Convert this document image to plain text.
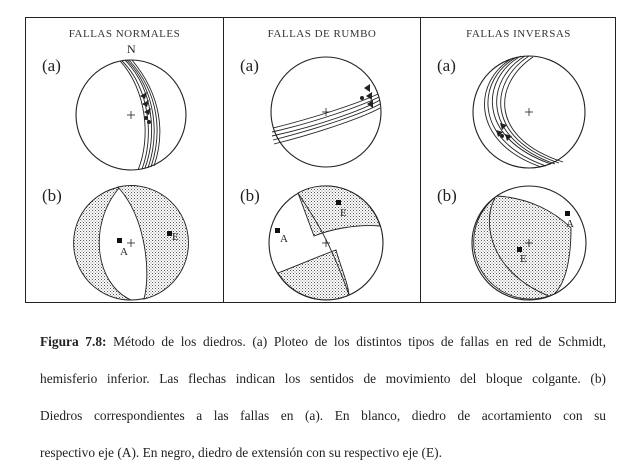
FALLAS NORMALES
(a)
(b)
N
A
E
FALLAS DE RUMBO
(a)
(b)
A
E
FALLAS INVERSAS
(a)
(b)
A
E

Figura 7.8: Método de los diedros. (a) Ploteo de los distintos tipos de fallas en red de Schmidt,

hemisferio inferior. Las flechas indican los sentidos de movimiento del bloque colgante. (b)

Diedros correspondientes a las fallas en (a). En blanco, diedro de acortamiento con su

respectivo eje (A). En negro, diedro de extensión con su respectivo eje (E).
